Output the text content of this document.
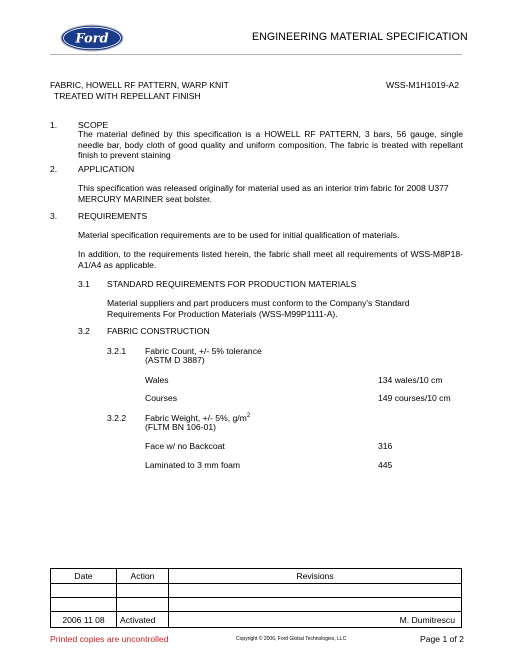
Ford	ENGINEERING MATERIAL SPECIFICATION
FABRIC, HOWELL RF PATTERN, WARP KNIT
TREATED WITH REPELLANT FINISH
WSS-M1H1019-A2
1. SCOPE
The material defined by this specification is a HOWELL RF PATTERN, 3 bars, 56 gauge, single needle bar, body cloth of good quality and uniform composition. The fabric is treated with repellant finish to prevent staining
2. APPLICATION
This specification was released originally for material used as an interior trim fabric for 2008 U377 MERCURY MARINER seat bolster.
3. REQUIREMENTS
Material specification requirements are to be used for initial qualification of materials.
In addition, to the requirements listed herein, the fabric shall meet all requirements of WSS-M8P18-A1/A4 as applicable.
3.1 STANDARD REQUIREMENTS FOR PRODUCTION MATERIALS
Material suppliers and part producers must conform to the Company's Standard Requirements For Production Materials (WSS-M99P1111-A).
3.2 FABRIC CONSTRUCTION
3.2.1 Fabric Count, +/- 5% tolerance
(ASTM D 3887)
Wales	134 wales/10 cm
Courses	149 courses/10 cm
3.2.2 Fabric Weight, +/- 5%, $g/m^2$
(FLTM BN 106-01)
Face w/ no Backcoat	316
Laminated to 3 mm foam	445
Date	Action	Revisions

2006 11 08	Activated	M. Dumitrescu
Printed copies are uncontrolled	Copyright © 2006, Ford Global Technologies, LLC	Page 1 of 2
